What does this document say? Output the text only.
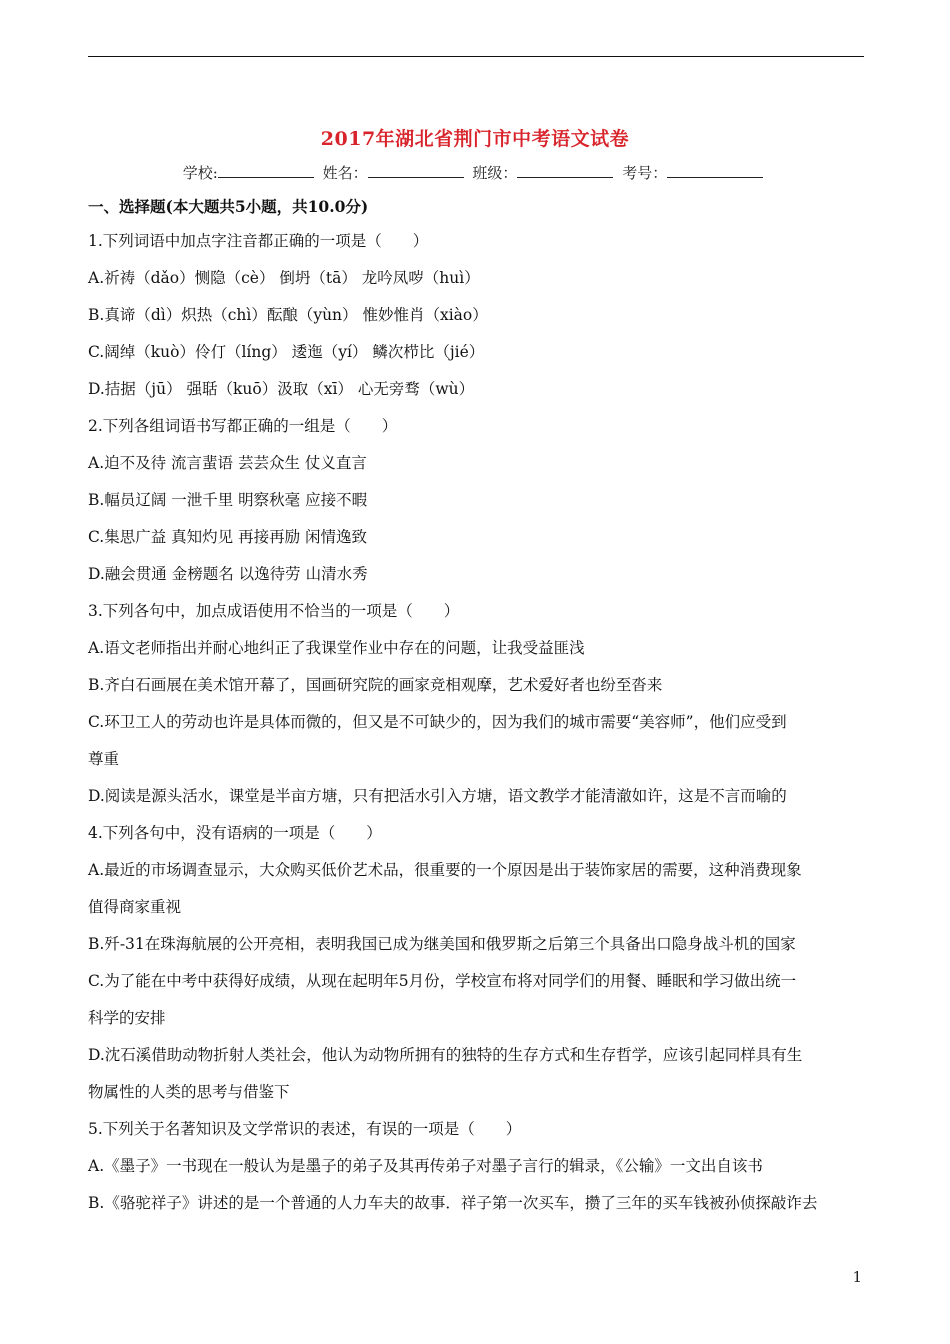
2017年湖北省荆门市中考语文试卷
学校:	姓名：	班级：	考号：
一、选择题(本大题共5小题，共10.0分)
1.下列词语中加点字注音都正确的一项是（　　）
A.祈祷（dǎo）恻隐（cè） 倒坍（tā） 龙吟凤哕（huì）
B.真谛（dì）炽热（chì）酝酿（yùn） 惟妙惟肖（xiào）
C.阔绰（kuò）伶仃（líng） 逶迤（yí） 鳞次栉比（jié）
D.拮据（jū） 强聒（kuō）汲取（xī） 心无旁骛（wù）
2.下列各组词语书写都正确的一组是（　　）
A.迫不及待 流言蜚语 芸芸众生 仗义直言
B.幅员辽阔 一泄千里 明察秋毫 应接不暇
C.集思广益 真知灼见 再接再励 闲情逸致
D.融会贯通 金榜题名 以逸待劳 山清水秀
3.下列各句中，加点成语使用不恰当的一项是（　　）
A.语文老师指出并耐心地纠正了我课堂作业中存在的问题，让我受益匪浅
B.齐白石画展在美术馆开幕了，国画研究院的画家竞相观摩，艺术爱好者也纷至沓来
C.环卫工人的劳动也许是具体而微的，但又是不可缺少的，因为我们的城市需要“美容师”，他们应受到
尊重
D.阅读是源头活水，课堂是半亩方塘，只有把活水引入方塘，语文教学才能清澈如许，这是不言而喻的
4.下列各句中，没有语病的一项是（　　）
A.最近的市场调查显示，大众购买低价艺术品，很重要的一个原因是出于装饰家居的需要，这种消费现象
值得商家重视
B.歼-31在珠海航展的公开亮相，表明我国已成为继美国和俄罗斯之后第三个具备出口隐身战斗机的国家
C.为了能在中考中获得好成绩，从现在起明年5月份，学校宣布将对同学们的用餐、睡眠和学习做出统一
科学的安排
D.沈石溪借助动物折射人类社会，他认为动物所拥有的独特的生存方式和生存哲学，应该引起同样具有生
物属性的人类的思考与借鉴下
5.下列关于名著知识及文学常识的表述，有误的一项是（　　）
A.《墨子》一书现在一般认为是墨子的弟子及其再传弟子对墨子言行的辑录，《公输》一文出自该书
B.《骆驼祥子》讲述的是一个普通的人力车夫的故事．祥子第一次买车，攒了三年的买车钱被孙侦探敲诈去
1
